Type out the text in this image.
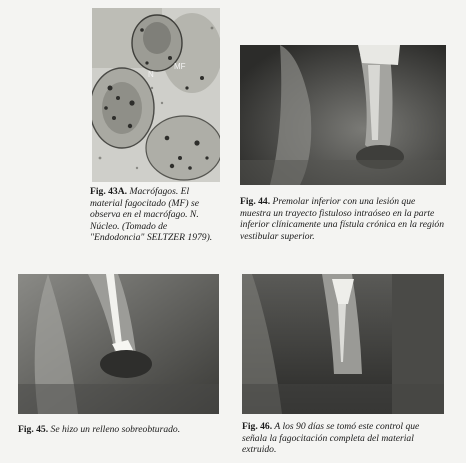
MF
N
Fig. 43A. Macrófagos. El material fagocitado (MF) se observa en el macrófago. N. Núcleo. (Tomado de "Endodoncia" SELTZER 1979).
Fig. 44. Premolar inferior con una lesión que muestra un trayecto fistuloso intraóseo en la parte inferior clínicamente una fístula crónica en la región vestibular superior.
Fig. 45. Se hizo un relleno sobreobturado.	Fig. 46. A los 90 días se tomó este control que señala la fagocitación completa del material extruido.
